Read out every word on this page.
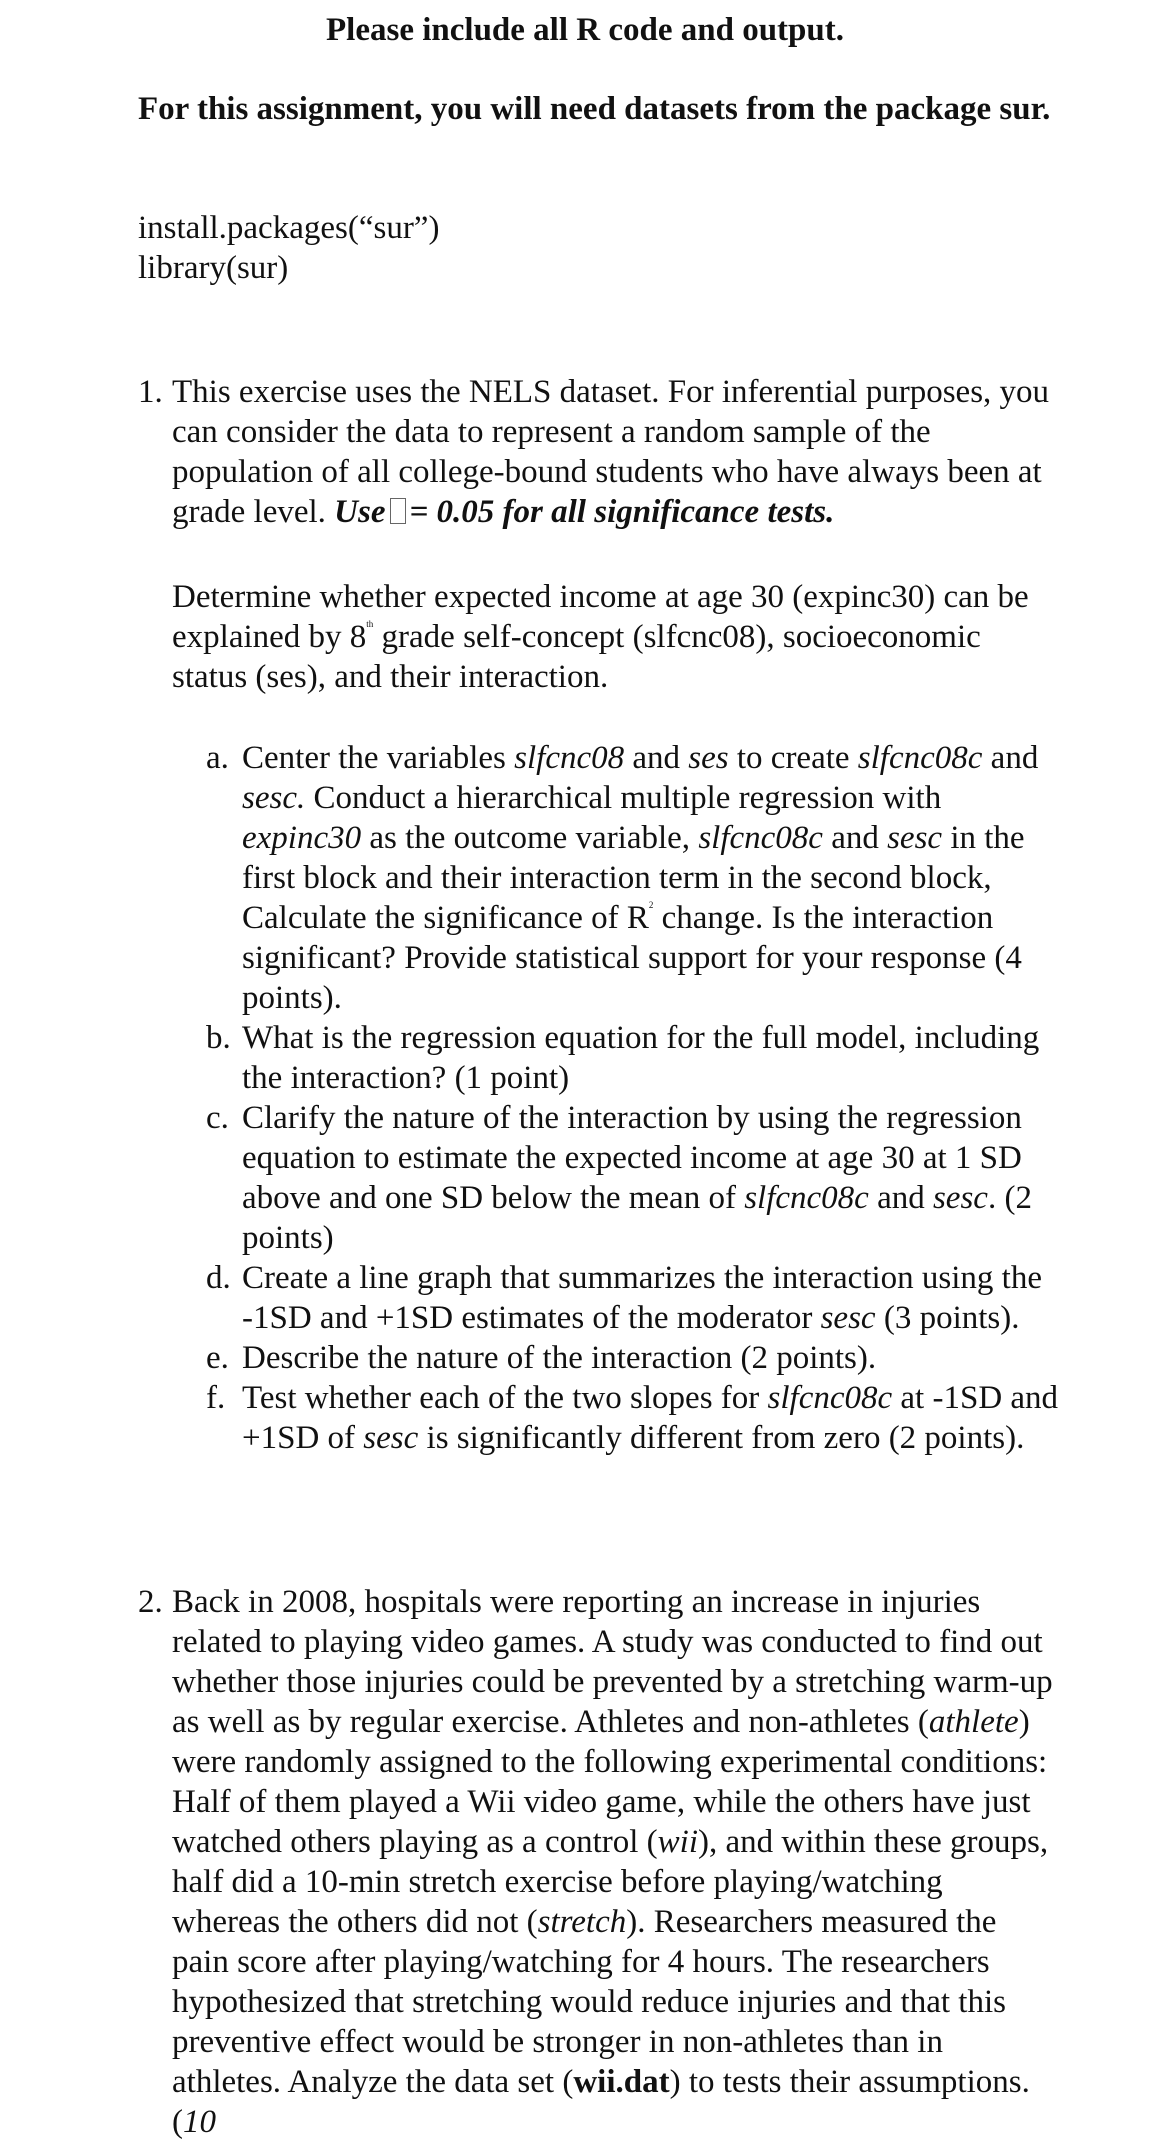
Please include all R code and output.
For this assignment, you will need datasets from the package sur.
install.packages(“sur”)
library(sur)
1. This exercise uses the NELS dataset. For inferential purposes, you can consider the data to represent a random sample of the population of all college-bound students who have always been at grade level. Use = 0.05 for all significance tests.
Determine whether expected income at age 30 (expinc30) can be explained by 8th grade self-concept (slfcnc08), socioeconomic status (ses), and their interaction.
a. Center the variables slfcnc08 and ses to create slfcnc08c and sesc. Conduct a hierarchical multiple regression with expinc30 as the outcome variable, slfcnc08c and sesc in the first block and their interaction term in the second block, Calculate the significance of $R^2$ change. Is the interaction significant? Provide statistical support for your response (4 points).
b. What is the regression equation for the full model, including the interaction? (1 point)
c. Clarify the nature of the interaction by using the regression equation to estimate the expected income at age 30 at 1 SD above and one SD below the mean of slfcnc08c and sesc. (2 points)
d. Create a line graph that summarizes the interaction using the -1SD and +1SD estimates of the moderator sesc (3 points).
e. Describe the nature of the interaction (2 points).
f. Test whether each of the two slopes for slfcnc08c at -1SD and +1SD of sesc is significantly different from zero (2 points).
2. Back in 2008, hospitals were reporting an increase in injuries related to playing video games. A study was conducted to find out whether those injuries could be prevented by a stretching warm-up as well as by regular exercise. Athletes and non-athletes (athlete) were randomly assigned to the following experimental conditions: Half of them played a Wii video game, while the others have just watched others playing as a control (wii), and within these groups, half did a 10-min stretch exercise before playing/watching whereas the others did not (stretch). Researchers measured the pain score after playing/watching for 4 hours. The researchers hypothesized that stretching would reduce injuries and that this preventive effect would be stronger in non-athletes than in athletes. Analyze the data set (wii.dat) to tests their assumptions. (10
